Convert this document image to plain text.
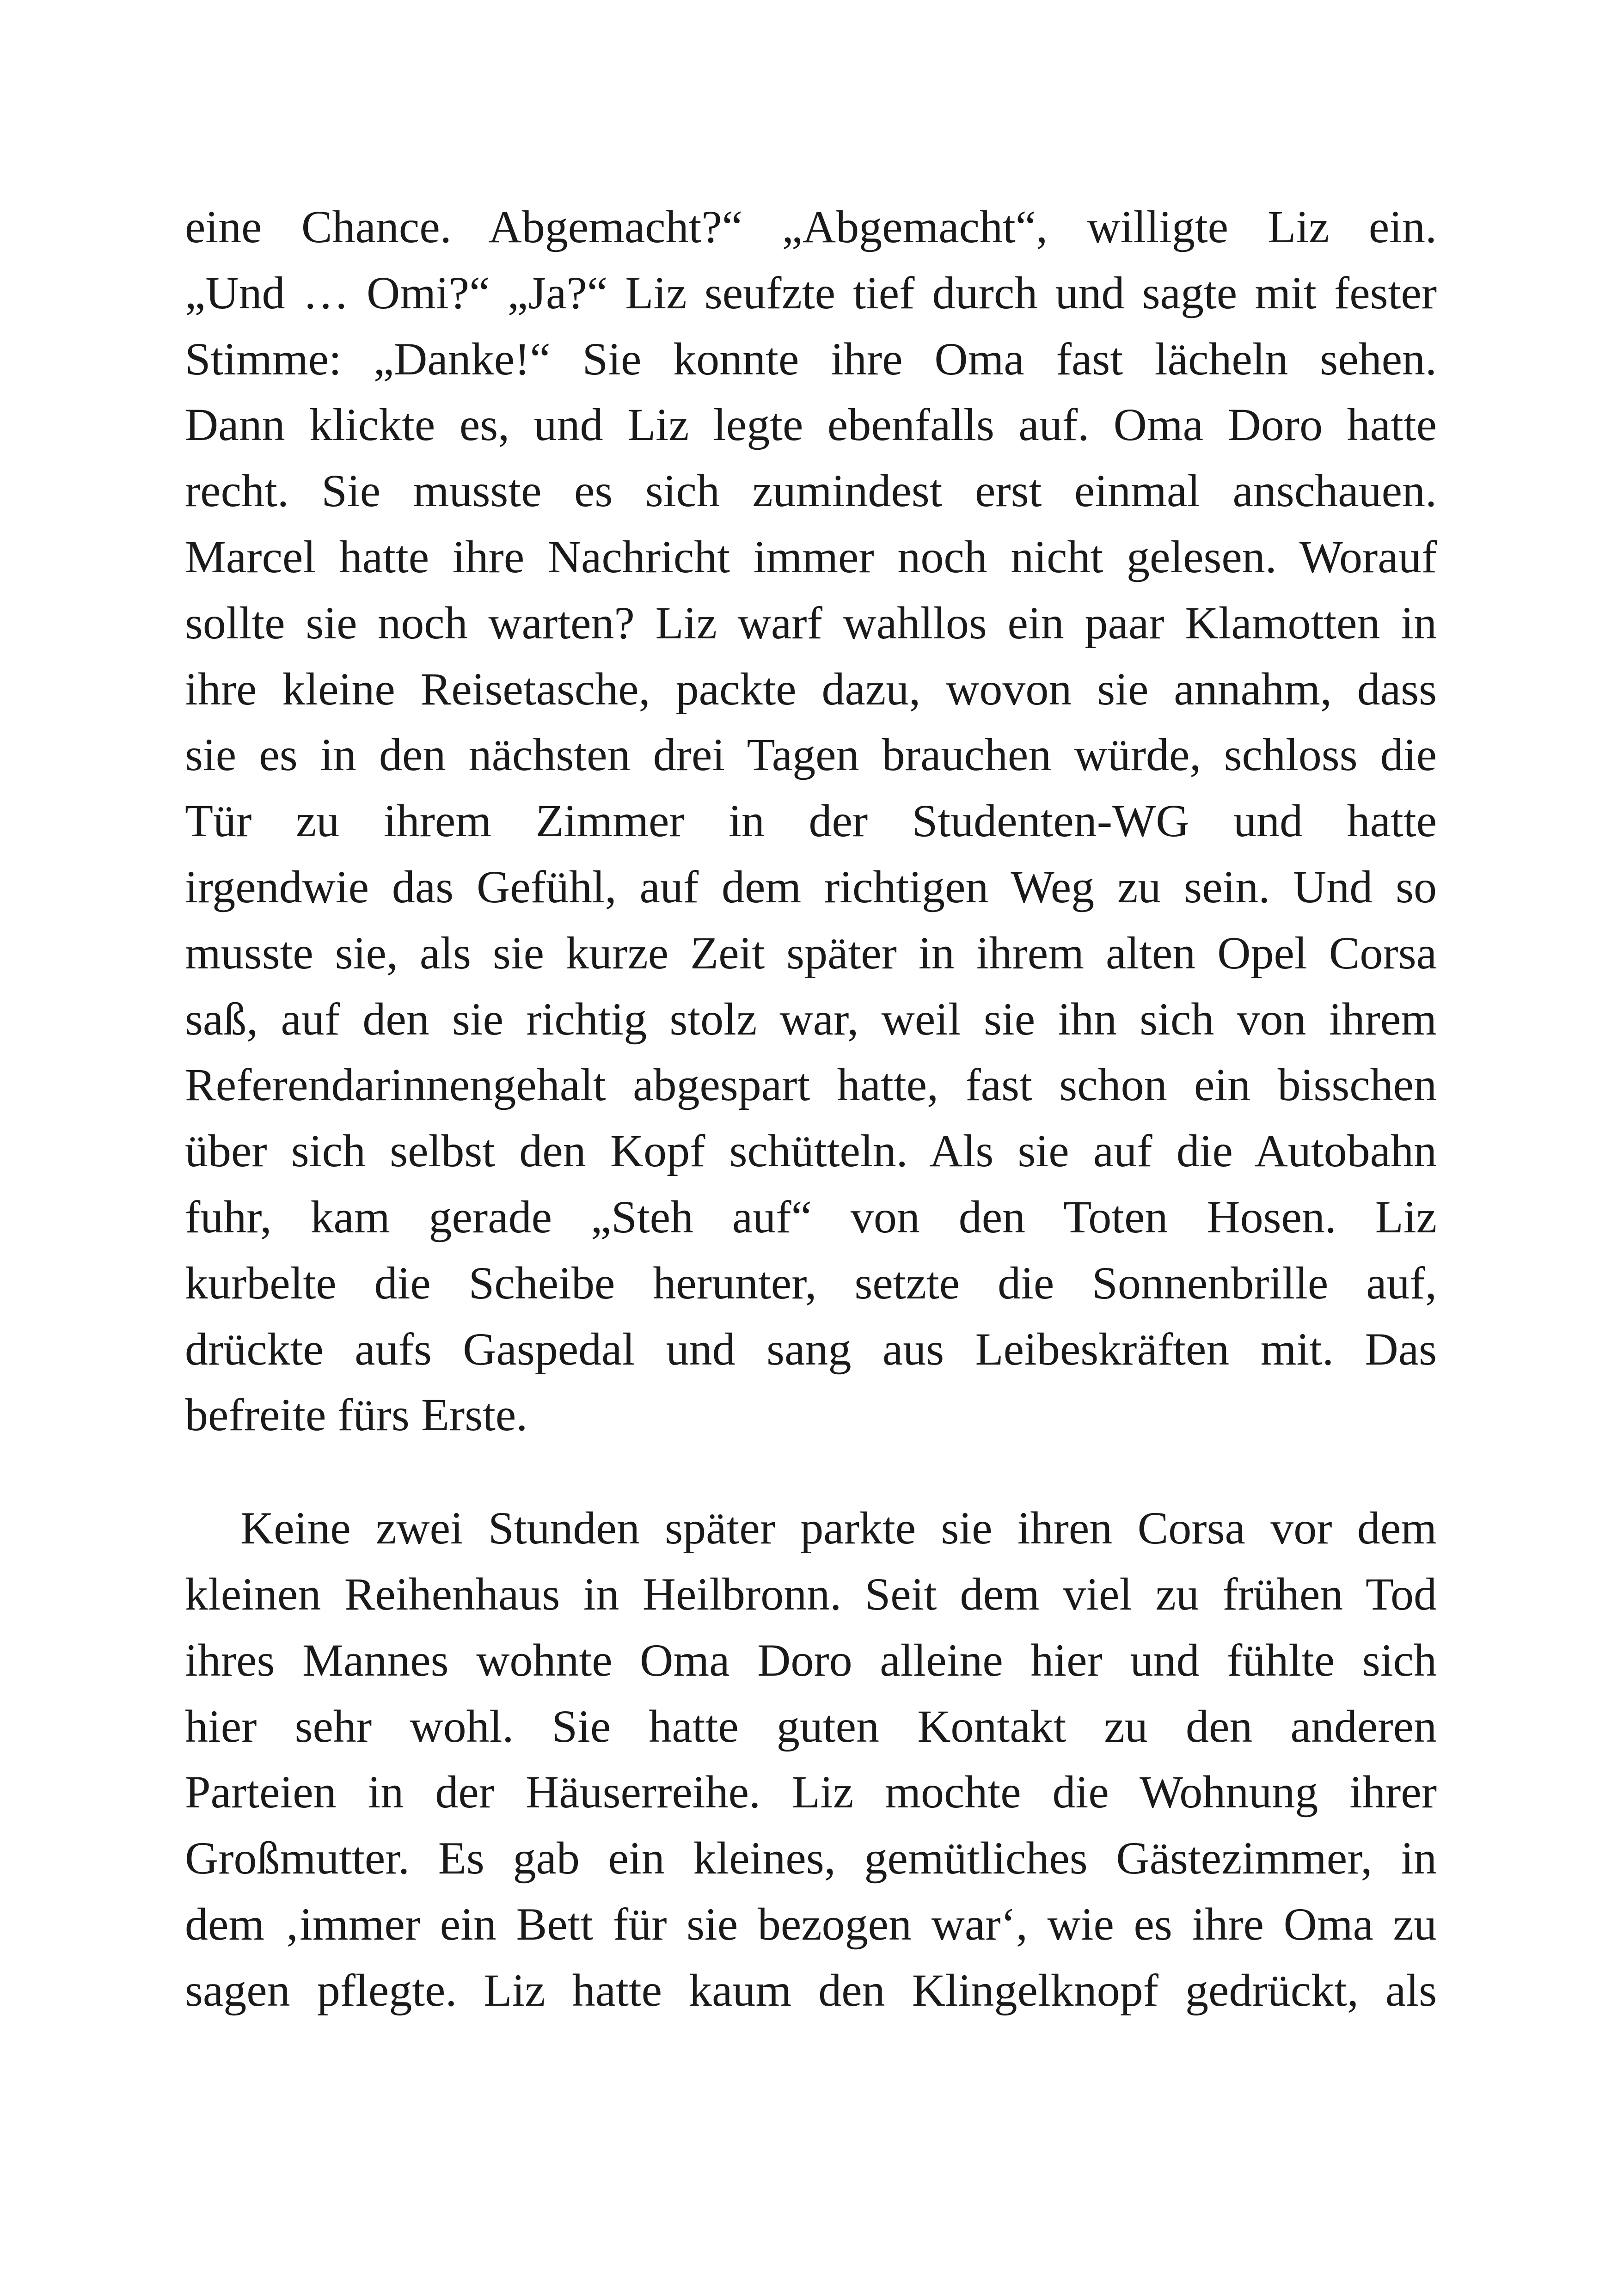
eine Chance. Abgemacht?“ „Abgemacht“, willigte Liz ein.
„Und … Omi?“ „Ja?“ Liz seufzte tief durch und sagte mit fester
Stimme: „Danke!“ Sie konnte ihre Oma fast lächeln sehen.
Dann klickte es, und Liz legte ebenfalls auf. Oma Doro hatte
recht. Sie musste es sich zumindest erst einmal anschauen.
Marcel hatte ihre Nachricht immer noch nicht gelesen. Worauf
sollte sie noch warten? Liz warf wahllos ein paar Klamotten in
ihre kleine Reisetasche, packte dazu, wovon sie annahm, dass
sie es in den nächsten drei Tagen brauchen würde, schloss die
Tür zu ihrem Zimmer in der Studenten-WG und hatte
irgendwie das Gefühl, auf dem richtigen Weg zu sein. Und so
musste sie, als sie kurze Zeit später in ihrem alten Opel Corsa
saß, auf den sie richtig stolz war, weil sie ihn sich von ihrem
Referendarinnengehalt abgespart hatte, fast schon ein bisschen
über sich selbst den Kopf schütteln. Als sie auf die Autobahn
fuhr, kam gerade „Steh auf“ von den Toten Hosen. Liz
kurbelte die Scheibe herunter, setzte die Sonnenbrille auf,
drückte aufs Gaspedal und sang aus Leibeskräften mit. Das
befreite fürs Erste.
Keine zwei Stunden später parkte sie ihren Corsa vor dem
kleinen Reihenhaus in Heilbronn. Seit dem viel zu frühen Tod
ihres Mannes wohnte Oma Doro alleine hier und fühlte sich
hier sehr wohl. Sie hatte guten Kontakt zu den anderen
Parteien in der Häuserreihe. Liz mochte die Wohnung ihrer
Großmutter. Es gab ein kleines, gemütliches Gästezimmer, in
dem ‚immer ein Bett für sie bezogen war‘, wie es ihre Oma zu
sagen pflegte. Liz hatte kaum den Klingelknopf gedrückt, als
